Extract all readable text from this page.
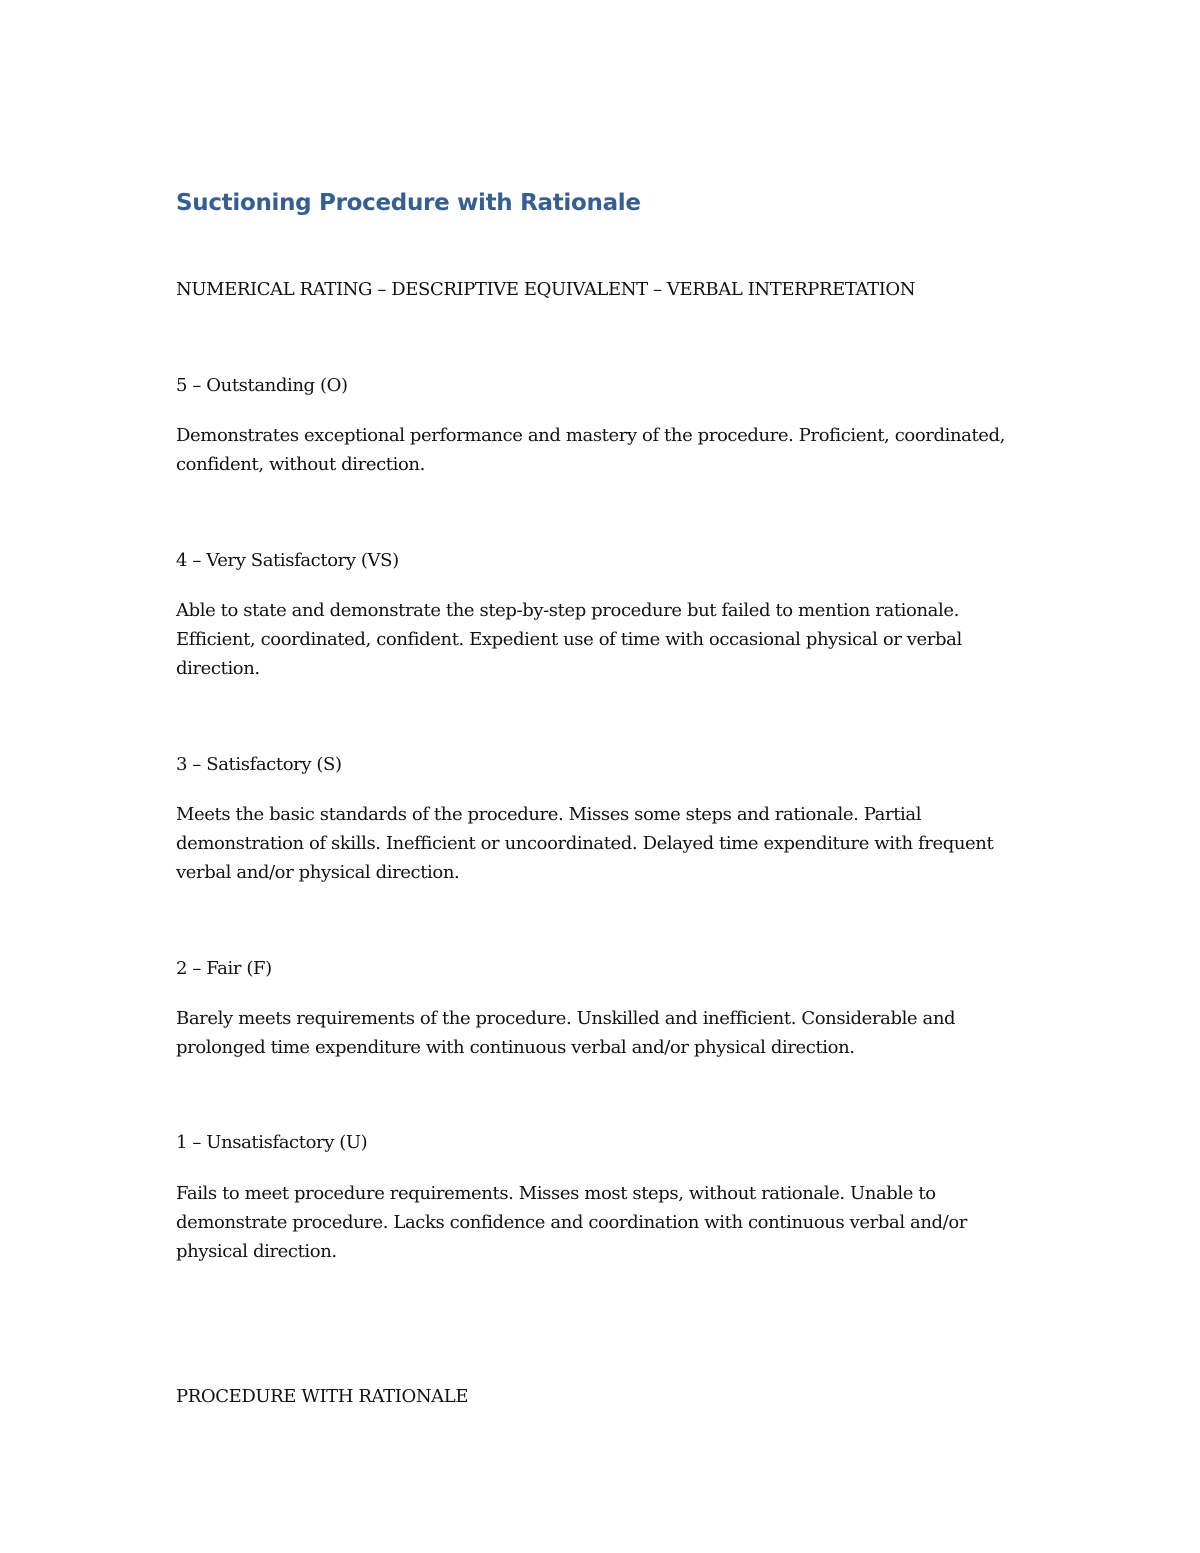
Suctioning Procedure with Rationale

NUMERICAL RATING – DESCRIPTIVE EQUIVALENT – VERBAL INTERPRETATION

5 – Outstanding (O)

Demonstrates exceptional performance and mastery of the procedure. Proficient, coordinated, confident, without direction.

4 – Very Satisfactory (VS)

Able to state and demonstrate the step-by-step procedure but failed to mention rationale. Efficient, coordinated, confident. Expedient use of time with occasional physical or verbal direction.

3 – Satisfactory (S)

Meets the basic standards of the procedure. Misses some steps and rationale. Partial demonstration of skills. Inefficient or uncoordinated. Delayed time expenditure with frequent verbal and/or physical direction.

2 – Fair (F)

Barely meets requirements of the procedure. Unskilled and inefficient. Considerable and prolonged time expenditure with continuous verbal and/or physical direction.

1 – Unsatisfactory (U)

Fails to meet procedure requirements. Misses most steps, without rationale. Unable to demonstrate procedure. Lacks confidence and coordination with continuous verbal and/or physical direction.

PROCEDURE WITH RATIONALE
